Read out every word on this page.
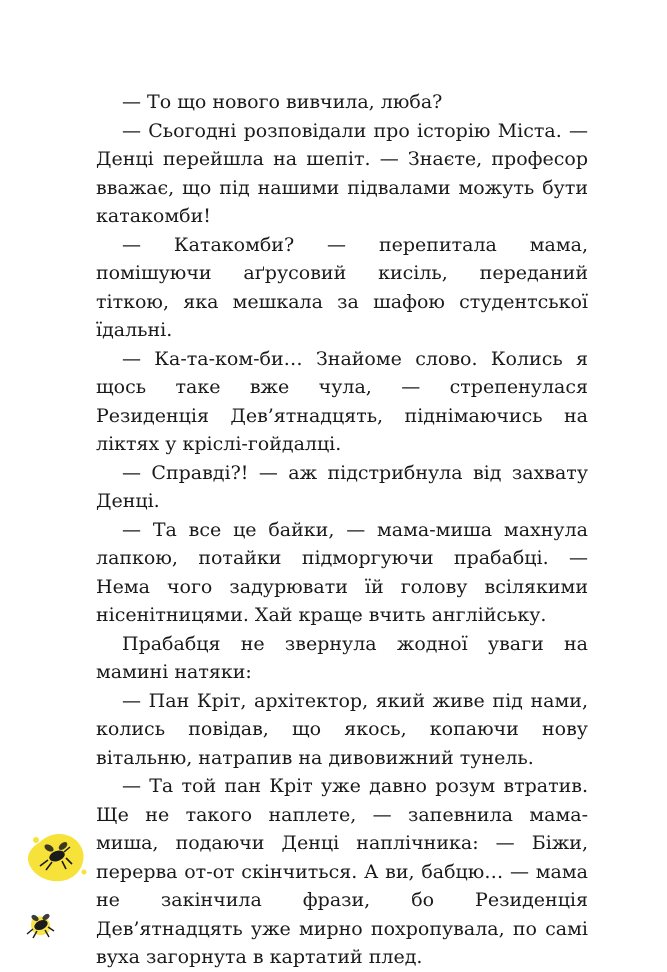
— То що нового вивчила, люба?

— Сьогодні розповідали про історію Міста. — Денці перейшла на шепіт. — Знаєте, професор вважає, що під нашими підвалами можуть бути катакомби!

— Катакомби? — перепитала мама, помішуючи аґрусовий кисіль, переданий тіткою, яка мешкала за шафою студентської їдальні.

— Ка-та-ком-би… Знайоме слово. Колись я щось таке вже чула, — стрепенулася Резиденція Дев’ятнадцять, піднімаючись на ліктях у кріслі-гойдалці.

— Справді?! — аж підстрибнула від захвату Денці.

— Та все це байки, — мама-миша махнула лапкою, потайки підморгуючи прабабці. — Нема чого задурювати їй голову всілякими нісенітницями. Хай краще вчить англійську.

Прабабця не звернула жодної уваги на мамині натяки:

— Пан Кріт, архітектор, який живе під нами, колись повідав, що якось, копаючи нову вітальню, натрапив на дивовижний тунель.

— Та той пан Кріт уже давно розум втратив. Ще не такого наплете, — запевнила мама-миша, подаючи Денці наплічника: — Біжи, перерва от-от скінчиться. А ви, бабцю… — мама не закінчила фрази, бо Резиденція Дев’ятнадцять уже мирно похропувала, по самі вуха загорнута в картатий плед.
